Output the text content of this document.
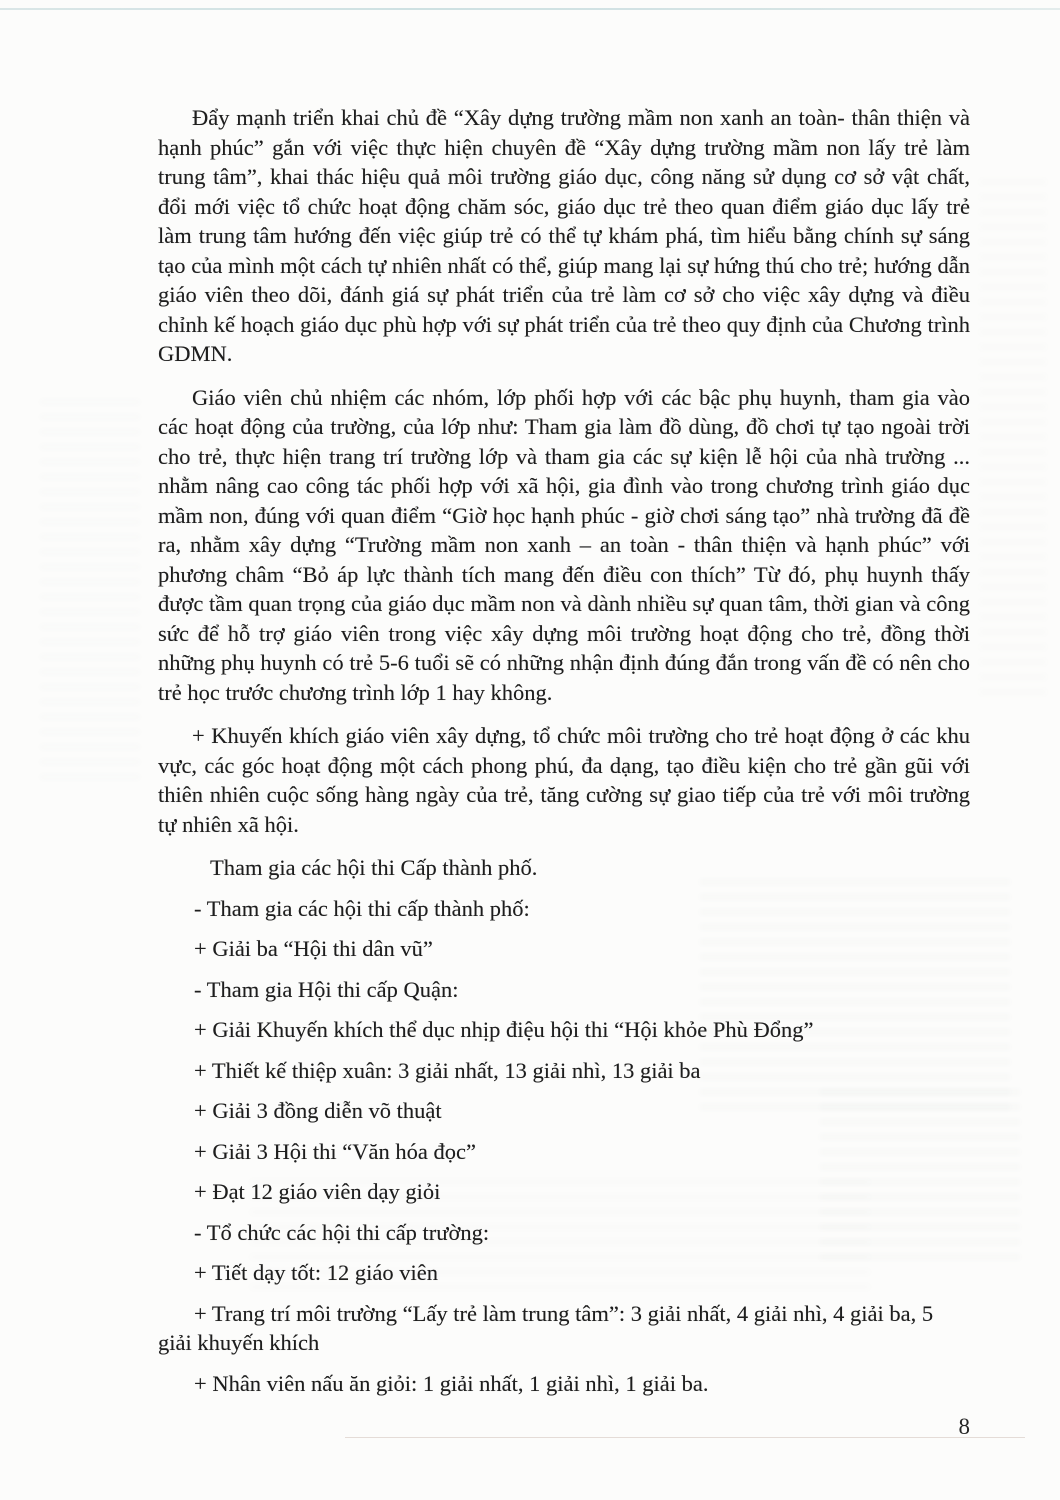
Đẩy mạnh triển khai chủ đề “Xây dựng trường mầm non xanh an toàn- thân thiện và hạnh phúc” gắn với việc thực hiện chuyên đề “Xây dựng trường mầm non lấy trẻ làm trung tâm”, khai thác hiệu quả môi trường giáo dục, công năng sử dụng cơ sở vật chất, đổi mới việc tổ chức hoạt động chăm sóc, giáo dục trẻ theo quan điểm giáo dục lấy trẻ làm trung tâm hướng đến việc giúp trẻ có thể tự khám phá, tìm hiểu bằng chính sự sáng tạo của mình một cách tự nhiên nhất có thể, giúp mang lại sự hứng thú cho trẻ; hướng dẫn giáo viên theo dõi, đánh giá sự phát triển của trẻ làm cơ sở cho việc xây dựng và điều chỉnh kế hoạch giáo dục phù hợp với sự phát triển của trẻ theo quy định của Chương trình GDMN.

Giáo viên chủ nhiệm các nhóm, lớp phối hợp với các bậc phụ huynh, tham gia vào các hoạt động của trường, của lớp như: Tham gia làm đồ dùng, đồ chơi tự tạo ngoài trời cho trẻ, thực hiện trang trí trường lớp và tham gia các sự kiện lễ hội của nhà trường ... nhằm nâng cao công tác phối hợp với xã hội, gia đình vào trong chương trình giáo dục mầm non, đúng với quan điểm “Giờ học hạnh phúc - giờ chơi sáng tạo” nhà trường đã đề ra, nhằm xây dựng “Trường mầm non xanh – an toàn - thân thiện và hạnh phúc” với phương châm “Bỏ áp lực thành tích mang đến điều con thích” Từ đó, phụ huynh thấy được tầm quan trọng của giáo dục mầm non và dành nhiều sự quan tâm, thời gian và công sức để hỗ trợ giáo viên trong việc xây dựng môi trường hoạt động cho trẻ, đồng thời những phụ huynh có trẻ 5-6 tuổi sẽ có những nhận định đúng đắn trong vấn đề có nên cho trẻ học trước chương trình lớp 1 hay không.

+ Khuyến khích giáo viên xây dựng, tổ chức môi trường cho trẻ hoạt động ở các khu vực, các góc hoạt động một cách phong phú, đa dạng, tạo điều kiện cho trẻ gần gũi với thiên nhiên cuộc sống hàng ngày của trẻ, tăng cường sự giao tiếp của trẻ với môi trường tự nhiên xã hội.

Tham gia các hội thi Cấp thành phố.

- Tham gia các hội thi cấp thành phố:

+ Giải ba “Hội thi dân vũ”

- Tham gia Hội thi cấp Quận:

+ Giải Khuyến khích thể dục nhịp điệu hội thi “Hội khỏe Phù Đổng”

+ Thiết kế thiệp xuân: 3 giải nhất, 13 giải nhì, 13 giải ba

+ Giải 3 đồng diễn võ thuật

+ Giải 3 Hội thi “Văn hóa đọc”

+ Đạt 12 giáo viên dạy giỏi

- Tổ chức các hội thi cấp trường:

+ Tiết dạy tốt: 12 giáo viên

+ Trang trí môi trường “Lấy trẻ làm trung tâm”: 3 giải nhất, 4 giải nhì, 4 giải ba, 5 giải khuyến khích

+ Nhân viên nấu ăn giỏi: 1 giải nhất, 1 giải nhì, 1 giải ba.

8
